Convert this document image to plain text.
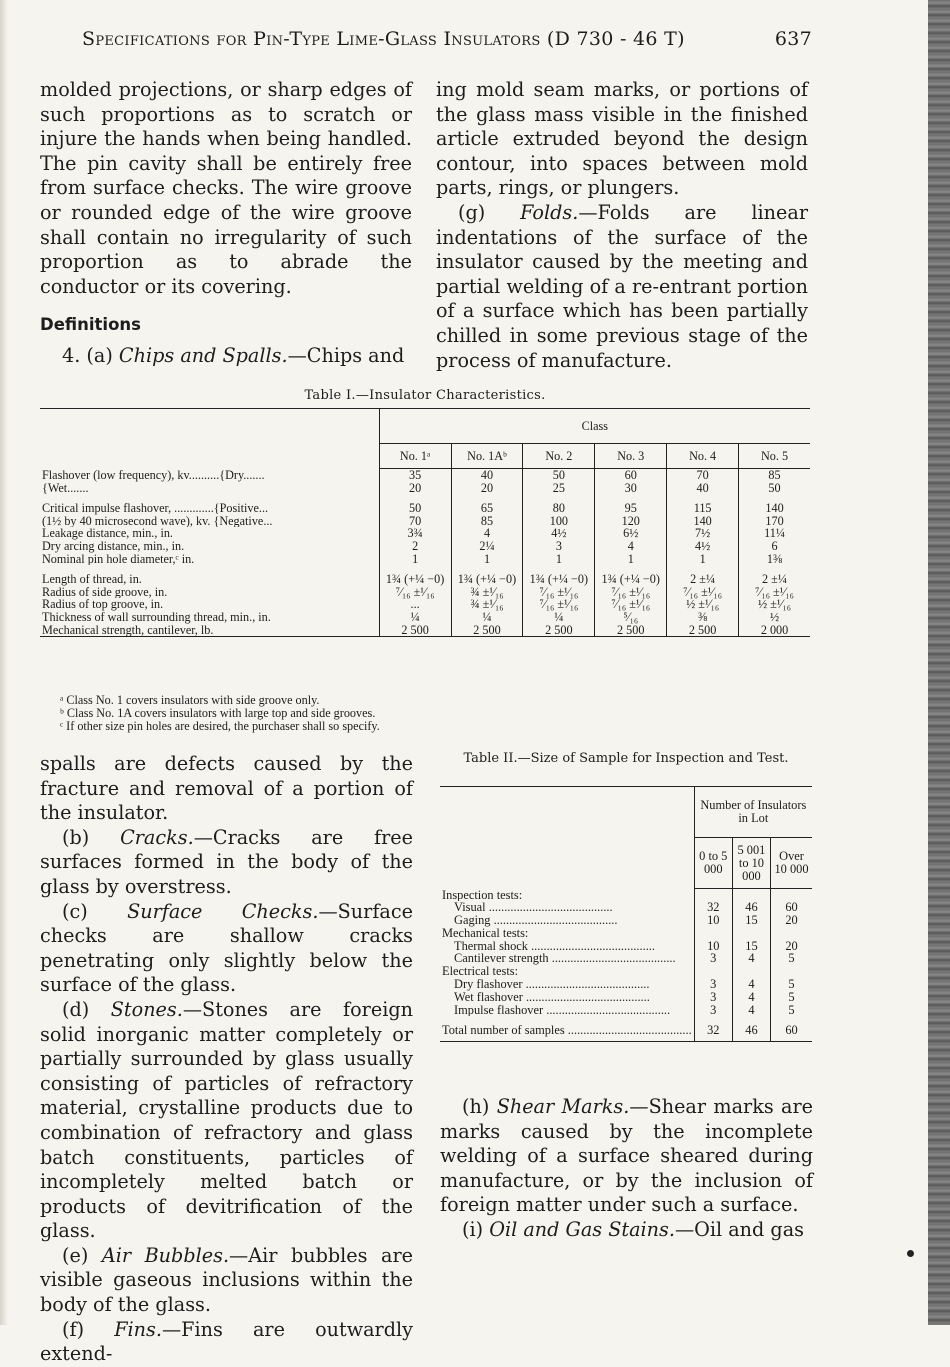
Specifications for Pin-Type Lime-Glass Insulators (D 730 - 46 T)	637

molded projections, or sharp edges of such proportions as to scratch or injure the hands when being handled. The pin cavity shall be entirely free from surface checks. The wire groove or rounded edge of the wire groove shall contain no irregularity of such proportion as to abrade the conductor or its covering.

Definitions

4. (a) Chips and Spalls.—Chips and

ing mold seam marks, or portions of the glass mass visible in the finished article extruded beyond the design contour, into spaces between mold parts, rings, or plungers.

(g) Folds.—Folds are linear indentations of the surface of the insulator caused by the meeting and partial welding of a re-entrant portion of a surface which has been partially chilled in some previous stage of the process of manufacture.

Table I.—Insulator Characteristics.
	Class					
	No. 1ᵃ	No. 1Aᵇ	No. 2	No. 3	No. 4	No. 5
Flashover (low frequency), kv..........{Dry.......	35	40	50	60	70	85
{Wet.......	20	20	25	30	40	50

Critical impulse flashover, .............{Positive...	50	65	80	95	115	140
(1½ by 40 microsecond wave), kv. {Negative...	70	85	100	120	140	170
Leakage distance, min., in.	3¾	4	4½	6½	7½	11¼
Dry arcing distance, min., in.	2	2¼	3	4	4½	6
Nominal pin hole diameter,ᶜ in.	1	1	1	1	1	1⅜

Length of thread, in.	1¾ (+¼ −0)	1¾ (+¼ −0)	1¾ (+¼ −0)	1¾ (+¼ −0)	2 ±¼	2 ±¼
Radius of side groove, in.	⁷⁄₁₆ ±¹⁄₁₆	¾ ±¹⁄₁₆	⁷⁄₁₆ ±¹⁄₁₆	⁷⁄₁₆ ±¹⁄₁₆	⁷⁄₁₆ ±¹⁄₁₆	⁷⁄₁₆ ±¹⁄₁₆
Radius of top groove, in.	...	¾ ±¹⁄₁₆	⁷⁄₁₆ ±¹⁄₁₆	⁷⁄₁₆ ±¹⁄₁₆	½ ±¹⁄₁₆	½ ±¹⁄₁₆
Thickness of wall surrounding thread, min., in.	¼	¼	¼	⁵⁄₁₆	⅜	½
Mechanical strength, cantilever, lb.	2 500	2 500	2 500	2 500	2 500	2 000
ᵃ Class No. 1 covers insulators with side groove only.
ᵇ Class No. 1A covers insulators with large top and side grooves.
ᶜ If other size pin holes are desired, the purchaser shall so specify.

spalls are defects caused by the fracture and removal of a portion of the insulator.

(b) Cracks.—Cracks are free surfaces formed in the body of the glass by overstress.

(c) Surface Checks.—Surface checks are shallow cracks penetrating only slightly below the surface of the glass.

(d) Stones.—Stones are foreign solid inorganic matter completely or partially surrounded by glass usually consisting of particles of refractory material, crystalline products due to combination of refractory and glass batch constituents, particles of incompletely melted batch or products of devitrification of the glass.

(e) Air Bubbles.—Air bubbles are visible gaseous inclusions within the body of the glass.

(f) Fins.—Fins are outwardly extend-

Table II.—Size of Sample for Inspection and Test.
	Number of Insulators in Lot		
	0 to 5 000	5 001 to 10 000	Over 10 000
Inspection tests:			
Visual .....	32	46	60
Gaging .....	10	15	20
Mechanical tests:			
Thermal shock .....	10	15	20
Cantilever strength .....	3	4	5
Electrical tests:			
Dry flashover .....	3	4	5
Wet flashover .....	3	4	5
Impulse flashover .....	3	4	5
Total number of samples .....	32	46	60

(h) Shear Marks.—Shear marks are marks caused by the incomplete welding of a surface sheared during manufacture, or by the inclusion of foreign matter under such a surface.

(i) Oil and Gas Stains.—Oil and gas
